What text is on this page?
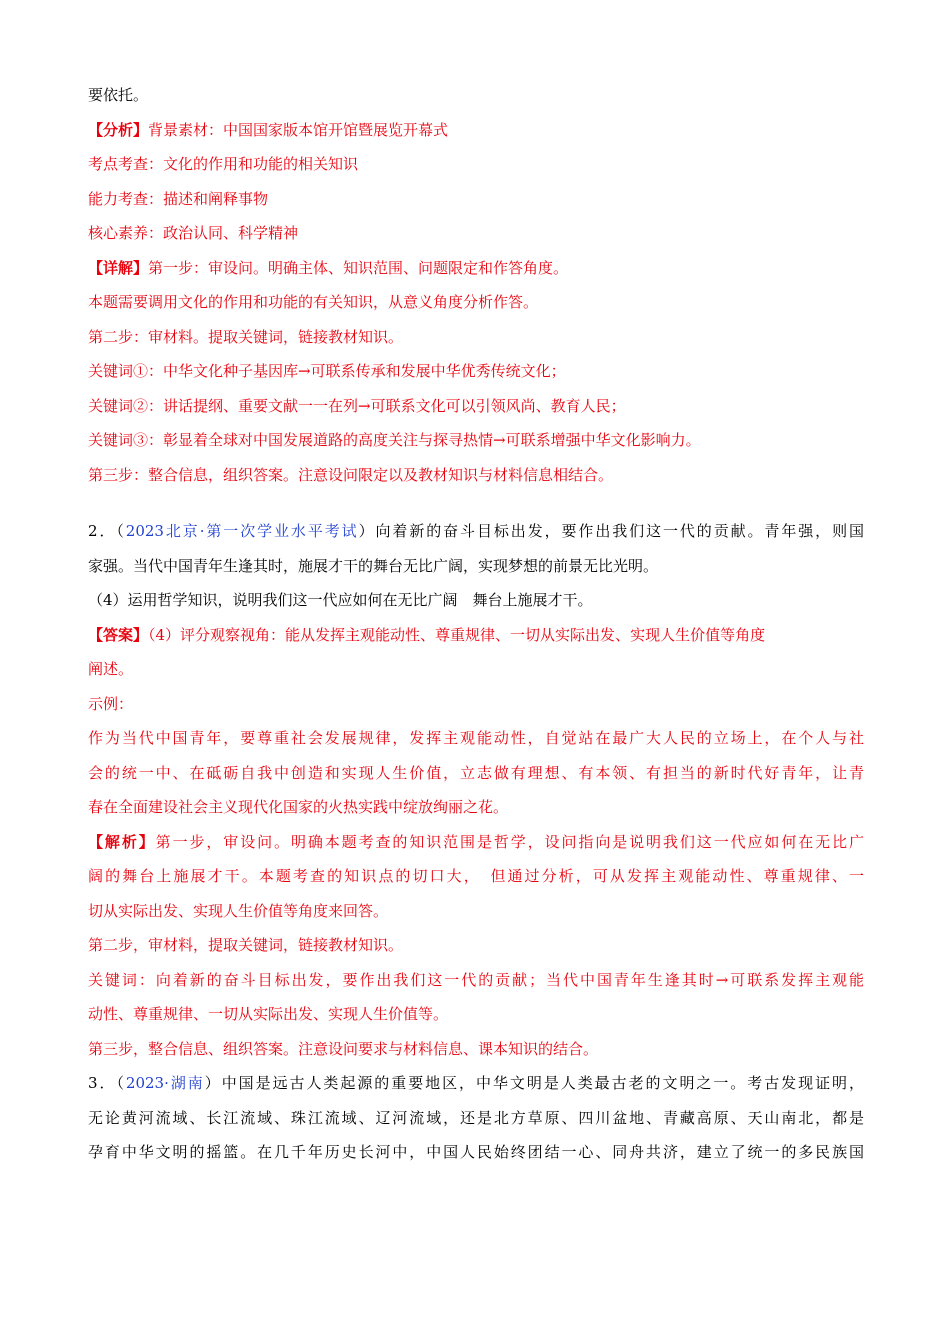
要依托。
【分析】背景素材：中国国家版本馆开馆暨展览开幕式
考点考查：文化的作用和功能的相关知识
能力考查：描述和阐释事物
核心素养：政治认同、科学精神
【详解】第一步：审设问。明确主体、知识范围、问题限定和作答角度。
本题需要调用文化的作用和功能的有关知识，从意义角度分析作答。
第二步：审材料。提取关键词，链接教材知识。
关键词①：中华文化种子基因库→可联系传承和发展中华优秀传统文化；
关键词②：讲话提纲、重要文献一一在列→可联系文化可以引领风尚、教育人民；
关键词③：彰显着全球对中国发展道路的高度关注与探寻热情→可联系增强中华文化影响力。
第三步：整合信息，组织答案。注意设问限定以及教材知识与材料信息相结合。
2．（2023北京·第一次学业水平考试）向着新的奋斗目标出发，要作出我们这一代的贡献。青年强，则国
家强。当代中国青年生逢其时，施展才干的舞台无比广阔，实现梦想的前景无比光明。
（4）运用哲学知识，说明我们这一代应如何在无比广阔　舞台上施展才干。
【答案】（4）评分观察视角：能从发挥主观能动性、尊重规律、一切从实际出发、实现人生价值等角度
阐述。
示例：
作为当代中国青年，要尊重社会发展规律，发挥主观能动性，自觉站在最广大人民的立场上，在个人与社
会的统一中、在砥砺自我中创造和实现人生价值，立志做有理想、有本领、有担当的新时代好青年，让青
春在全面建设社会主义现代化国家的火热实践中绽放绚丽之花。
【解析】第一步，审设问。明确本题考查的知识范围是哲学，设问指向是说明我们这一代应如何在无比广
阔的舞台上施展才干。本题考查的知识点的切口大，　但通过分析，可从发挥主观能动性、尊重规律、一
切从实际出发、实现人生价值等角度来回答。
第二步，审材料，提取关键词，链接教材知识。
关键词：向着新的奋斗目标出发，要作出我们这一代的贡献；当代中国青年生逢其时→可联系发挥主观能
动性、尊重规律、一切从实际出发、实现人生价值等。
第三步，整合信息、组织答案。注意设问要求与材料信息、课本知识的结合。
3．（2023·湖南）中国是远古人类起源的重要地区，中华文明是人类最古老的文明之一。考古发现证明，
无论黄河流域、长江流域、珠江流域、辽河流域，还是北方草原、四川盆地、青藏高原、天山南北，都是
孕育中华文明的摇篮。在几千年历史长河中，中国人民始终团结一心、同舟共济，建立了统一的多民族国
